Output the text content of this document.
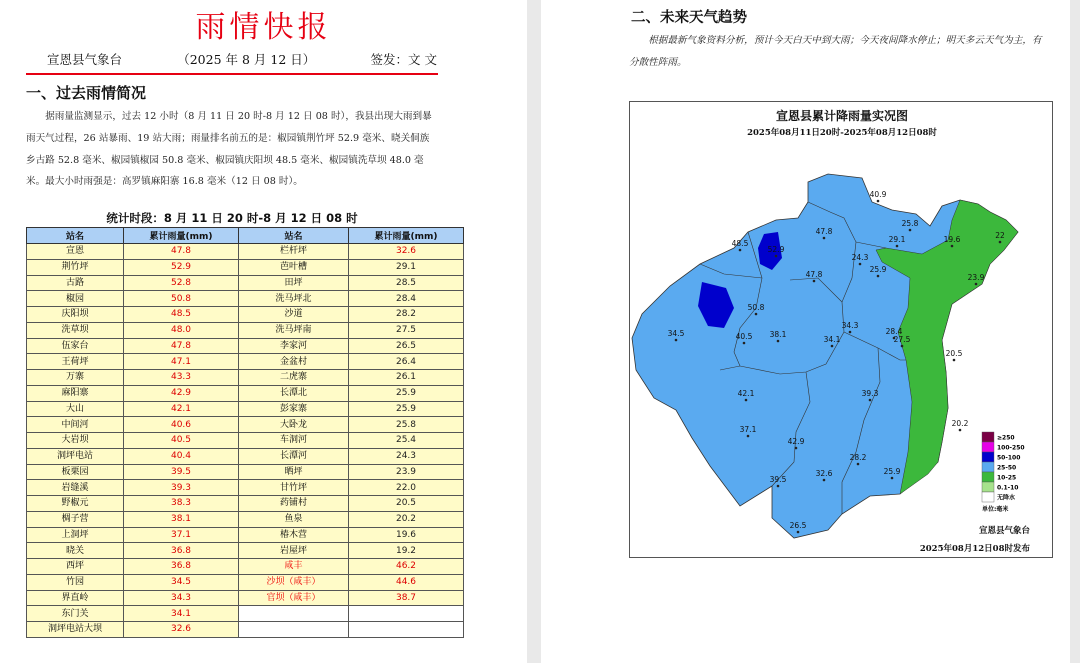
雨情快报
宣恩县气象台	（2025 年 8 月 12 日）	签发：文 文
一、过去雨情简况
据雨量监测显示，过去 12 小时（8 月 11 日 20 时-8 月 12 日 08 时），我县出现大雨到暴雨天气过程，26 站暴雨、19 站大雨；雨量排名前五的是：椒园镇荆竹坪 52.9 毫米、晓关侗族乡古路 52.8 毫米、椒园镇椒园 50.8 毫米、椒园镇庆阳坝 48.5 毫米、椒园镇洗草坝 48.0 毫米。最大小时雨强是：高罗镇麻阳寨 16.8 毫米（12 日 08 时）。
统计时段：8 月 11 日 20 时-8 月 12 日 08 时
站名	累计雨量(mm)	站名	累计雨量(mm)
宣恩	47.8	栏杆坪	32.6
荆竹坪	52.9	芭叶槽	29.1
古路	52.8	田坪	28.5
椒园	50.8	洗马坪北	28.4
庆阳坝	48.5	沙道	28.2
洗草坝	48.0	洗马坪南	27.5
伍家台	47.8	李家河	26.5
王荷坪	47.1	金盆村	26.4
万寨	43.3	二虎寨	26.1
麻阳寨	42.9	长潭北	25.9
大山	42.1	彭家寨	25.9
中间河	40.6	大卧龙	25.8
大岩坝	40.5	车洞河	25.4
洞坪电站	40.4	长潭河	24.3
板栗园	39.5	晒坪	23.9
岩缝溪	39.3	甘竹坪	22.0
野椒元	38.3	药铺村	20.5
椆子营	38.1	鱼泉	20.2
上洞坪	37.1	椿木营	19.6
晓关	36.8	岩屋坪	19.2
西坪	36.8	咸丰	46.2
竹园	34.5	沙坝（咸丰）	44.6
界直岭	34.3	官坝（咸丰）	38.7
东门关	34.1		
洞坪电站大坝	32.6		
二、未来天气趋势
根据最新气象资料分析，预计今天白天中到大雨；今天夜间降水停止；明天多云天气为主，有分散性阵雨。
宣恩县累计降雨量实况图
2025年08月11日20时-2025年08月12日08时
≥250
100-250
50-100
25-50
10-25
0.1-10
无降水
单位:毫米
40.9
25.8
29.1
47.8
48.5
52.9
24.3
19.6	22
23.9
47.8
25.9
50.8
34.5	40.5 38.1
34.3
34.1
28.4
27.5
20.5
42.1	39.3
37.1
42.9
28.2
32.6	25.9
20.2
39.5
26.5
宣恩县气象台
2025年08月12日08时发布
